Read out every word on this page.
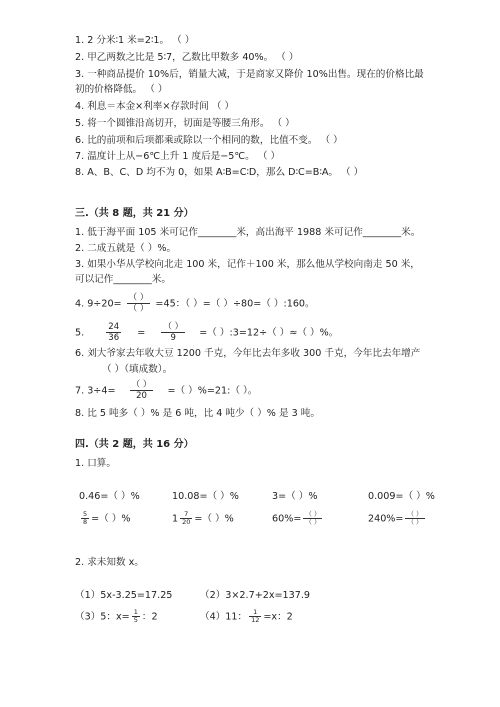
1. 2 分米∶1 米=2∶1。 （ ）
2. 甲乙两数之比是 5∶7，乙数比甲数多 40%。 （ ）
3. 一种商品提价 10%后，销量大减，于是商家又降价 10%出售。现在的价格比最
初的价格降低。 （ ）
4. 利息＝本金×利率×存款时间 （ ）
5. 将一个圆锥沿高切开，切面是等腰三角形。 （ ）
6. 比的前项和后项都乘或除以一个相同的数，比值不变。 （ ）
7. 温度计上从−6℃上升 1 度后是−5℃。 （ ）
8. A、B、C、D 均不为 0，如果 A∶B=C∶D，那么 D∶C=B∶A。 （ ）
三.（共 8 题，共 21 分）
1. 低于海平面 105 米可记作________米，高出海平 1988 米可记作________米。
2. 二成五就是（ ）%。
3. 如果小华从学校向北走 100 米，记作＋100 米，那么他从学校向南走 50 米，
可以记作________米。
4. $9\div 20= \frac{( )}{( )} =45$：（ ）=（ ）÷80=（ ）:160。
5.	$\frac{24}{36} = \frac{( )}{9}$ =（ ）:3=12÷（ ）≈（ ）%。
6. 刘大爷家去年收大豆 1200 千克，今年比去年多收 300 千克，今年比去年增产
（ ）（填成数）。
7. $3\div 4= \frac{( )}{20}$ =（ ）%=21:（ ）。
8. 比 5 吨多（ ）% 是 6 吨，比 4 吨少（ ）% 是 3 吨。
四.（共 2 题，共 16 分）
1. 口算。
0.46=（ ）%	10.08=（ ）%	3=（ ）%	0.009=（ ）%
$\frac{5}{8}$ =（ ）%	$1 \frac{7}{20}$ =（ ）%	$60\%= \frac{( )}{( )}$	$240\%= \frac{( )}{( )}$
2. 求未知数 x。
（1）5x-3.25=17.25	（2）3×2.7+2x=137.9
（3）5：$x= \frac{1}{5}$ ：2	（4）11： $\frac{1}{12} =x$：2
